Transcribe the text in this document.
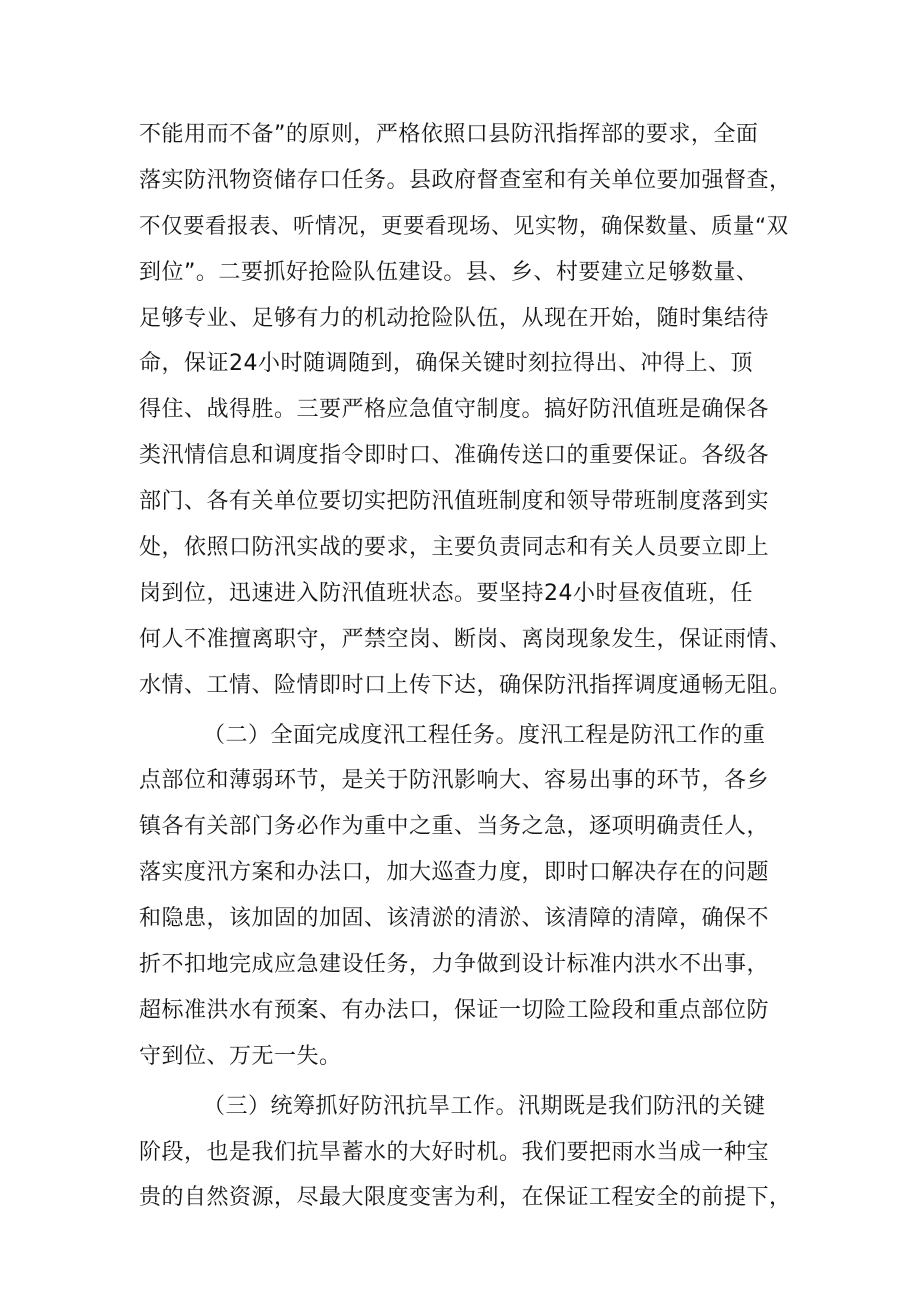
不能用而不备”的原则，严格依照口县防汛指挥部的要求，全面
落实防汛物资储存口任务。县政府督查室和有关单位要加强督查，
不仅要看报表、听情况，更要看现场、见实物，确保数量、质量“双
到位”。二要抓好抢险队伍建设。县、乡、村要建立足够数量、
足够专业、足够有力的机动抢险队伍，从现在开始，随时集结待
命，保证24小时随调随到，确保关键时刻拉得出、冲得上、顶
得住、战得胜。三要严格应急值守制度。搞好防汛值班是确保各
类汛情信息和调度指令即时口、准确传送口的重要保证。各级各
部门、各有关单位要切实把防汛值班制度和领导带班制度落到实
处，依照口防汛实战的要求，主要负责同志和有关人员要立即上
岗到位，迅速进入防汛值班状态。要坚持24小时昼夜值班，任
何人不准擅离职守，严禁空岗、断岗、离岗现象发生，保证雨情、
水情、工情、险情即时口上传下达，确保防汛指挥调度通畅无阻。
（二）全面完成度汛工程任务。度汛工程是防汛工作的重
点部位和薄弱环节，是关于防汛影响大、容易出事的环节，各乡
镇各有关部门务必作为重中之重、当务之急，逐项明确责任人，
落实度汛方案和办法口，加大巡查力度，即时口解决存在的问题
和隐患，该加固的加固、该清淤的清淤、该清障的清障，确保不
折不扣地完成应急建设任务，力争做到设计标准内洪水不出事，
超标准洪水有预案、有办法口，保证一切险工险段和重点部位防
守到位、万无一失。
（三）统筹抓好防汛抗旱工作。汛期既是我们防汛的关键
阶段，也是我们抗旱蓄水的大好时机。我们要把雨水当成一种宝
贵的自然资源，尽最大限度变害为利，在保证工程安全的前提下，
